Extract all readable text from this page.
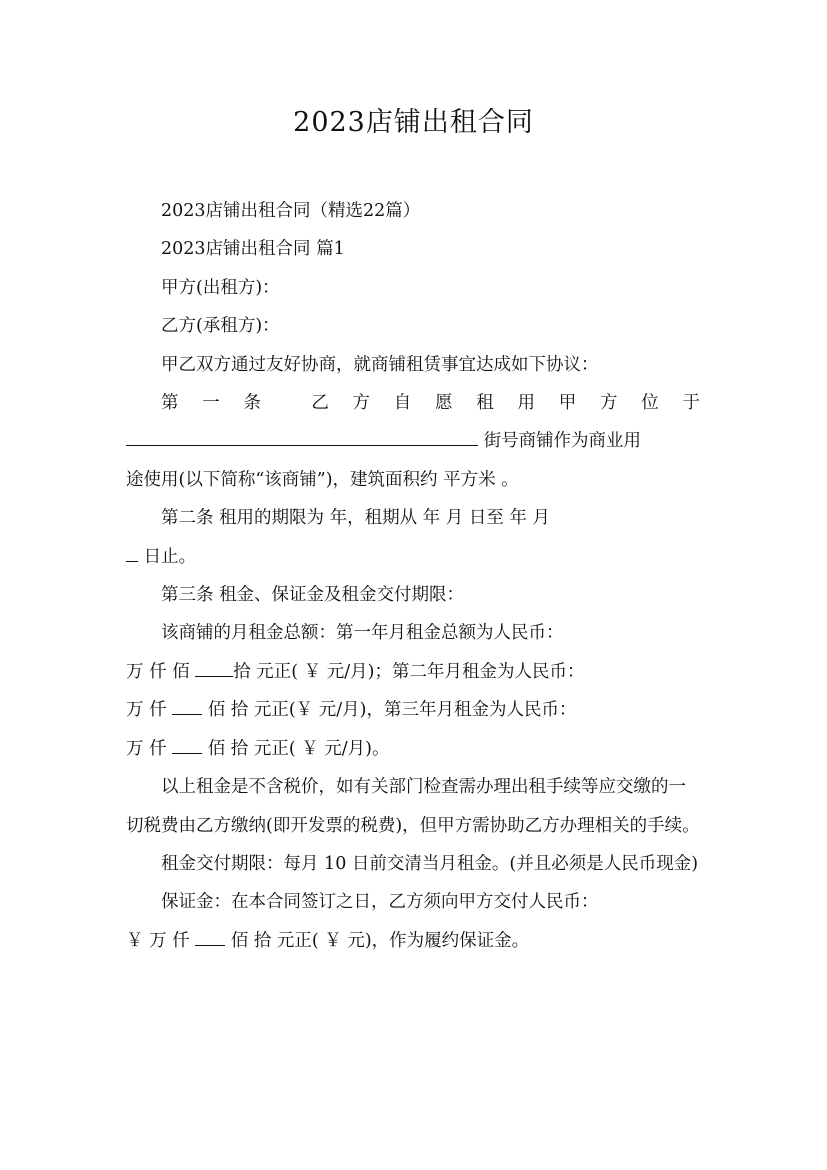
2023店铺出租合同

2023店铺出租合同（精选22篇）

2023店铺出租合同 篇1

甲方(出租方)：

乙方(承租方)：

甲乙双方通过友好协商，就商铺租赁事宜达成如下协议：

第 一 条 　乙 方 自 愿 租 用 甲 方 位 于

街号商铺作为商业用

途使用(以下简称“该商铺”)，建筑面积约 平方米 。

第二条 租用的期限为 年，租期从 年 月 日至 年 月

日止。

第三条 租金、保证金及租金交付期限：

该商铺的月租金总额：第一年月租金总额为人民币：

万 仟 佰 拾 元正( ￥ 元/月)；第二年月租金为人民币：

万 仟  佰 拾 元正(￥ 元/月)，第三年月租金为人民币：

万 仟  佰 拾 元正( ￥ 元/月)。

以上租金是不含税价，如有关部门检查需办理出租手续等应交缴的一切税费由乙方缴纳(即开发票的税费)，但甲方需协助乙方办理相关的手续。

租金交付期限：每月 10 日前交清当月租金。(并且必须是人民币现金)

保证金：在本合同签订之日，乙方须向甲方交付人民币：

￥ 万 仟  佰 拾 元正( ￥ 元)，作为履约保证金。
